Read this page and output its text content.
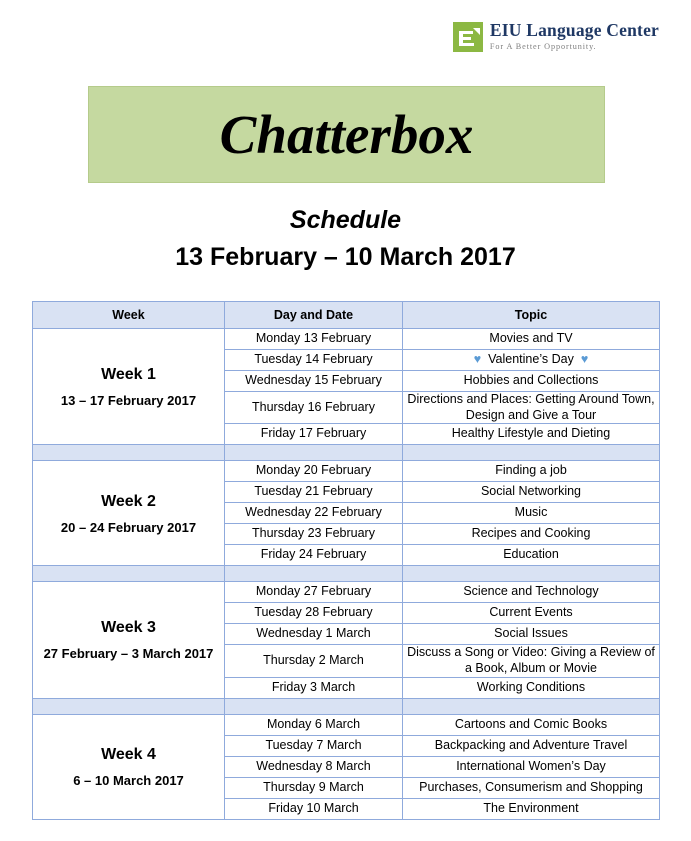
EIU Language Center
For A Better Opportunity.
Chatterbox
Schedule
13 February – 10 March 2017
Week	Day and Date	Topic

Week 1
13 – 17 February 2017	Monday 13 February	Movies and TV
	Tuesday 14 February	♥ Valentine’s Day ♥
	Wednesday 15 February	Hobbies and Collections
	Thursday 16 February	Directions and Places: Getting Around Town, Design and Give a Tour
	Friday 17 February	Healthy Lifestyle and Dieting

Week 2
20 – 24 February 2017	Monday 20 February	Finding a job
	Tuesday 21 February	Social Networking
	Wednesday 22 February	Music
	Thursday 23 February	Recipes and Cooking
	Friday 24 February	Education

Week 3
27 February – 3 March 2017	Monday 27 February	Science and Technology
	Tuesday 28 February	Current Events
	Wednesday 1 March	Social Issues
	Thursday 2 March	Discuss a Song or Video: Giving a Review of a Book, Album or Movie
	Friday 3 March	Working Conditions

Week 4
6 – 10 March 2017	Monday 6 March	Cartoons and Comic Books
	Tuesday 7 March	Backpacking and Adventure Travel
	Wednesday 8 March	International Women’s Day
	Thursday 9 March	Purchases, Consumerism and Shopping
	Friday 10 March	The Environment
